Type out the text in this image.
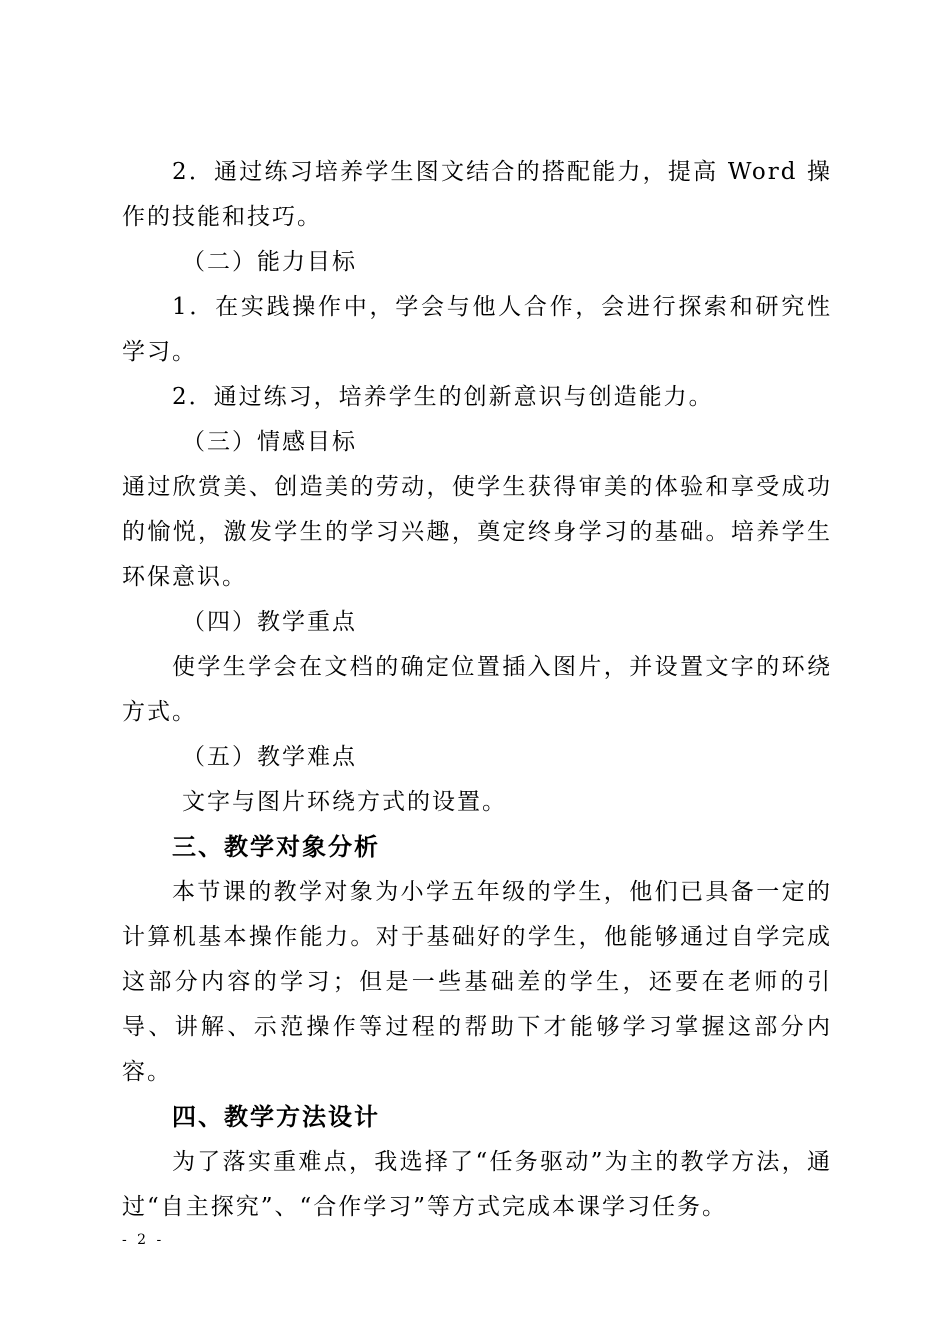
2．通过练习培养学生图文结合的搭配能力，提高 Word 操作的技能和技巧。

（二）能力目标

1．在实践操作中，学会与他人合作，会进行探索和研究性学习。

2．通过练习，培养学生的创新意识与创造能力。

（三）情感目标

通过欣赏美、创造美的劳动，使学生获得审美的体验和享受成功的愉悦，激发学生的学习兴趣，奠定终身学习的基础。培养学生环保意识。

（四）教学重点

使学生学会在文档的确定位置插入图片，并设置文字的环绕方式。

（五）教学难点

文字与图片环绕方式的设置。

三、教学对象分析

本节课的教学对象为小学五年级的学生，他们已具备一定的计算机基本操作能力。对于基础好的学生，他能够通过自学完成这部分内容的学习；但是一些基础差的学生，还要在老师的引导、讲解、示范操作等过程的帮助下才能够学习掌握这部分内容。

四、教学方法设计

为了落实重难点，我选择了“任务驱动”为主的教学方法，通过“自主探究”、“合作学习”等方式完成本课学习任务。

- 2 -
